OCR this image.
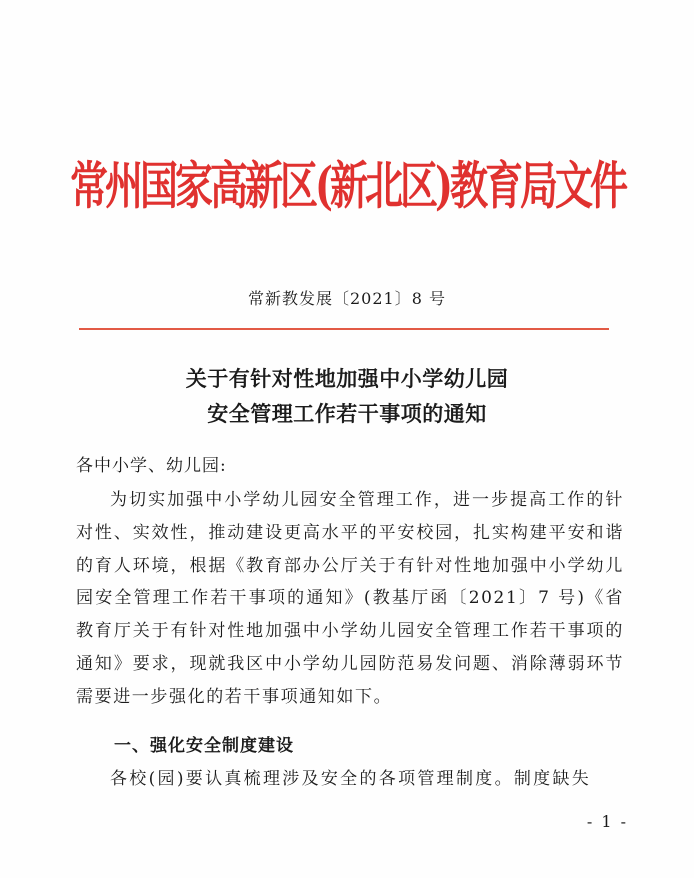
常州国家高新区(新北区)教育局文件
常新教发展〔2021〕8 号
关于有针对性地加强中小学幼儿园
安全管理工作若干事项的通知
各中小学、幼儿园:
为切实加强中小学幼儿园安全管理工作，进一步提高工作的针对性、实效性，推动建设更高水平的平安校园，扎实构建平安和谐的育人环境，根据《教育部办公厅关于有针对性地加强中小学幼儿园安全管理工作若干事项的通知》(教基厅函〔2021〕7 号)《省教育厅关于有针对性地加强中小学幼儿园安全管理工作若干事项的通知》要求，现就我区中小学幼儿园防范易发问题、消除薄弱环节需要进一步强化的若干事项通知如下。
一、强化安全制度建设
各校(园)要认真梳理涉及安全的各项管理制度。制度缺失
- 1 -
